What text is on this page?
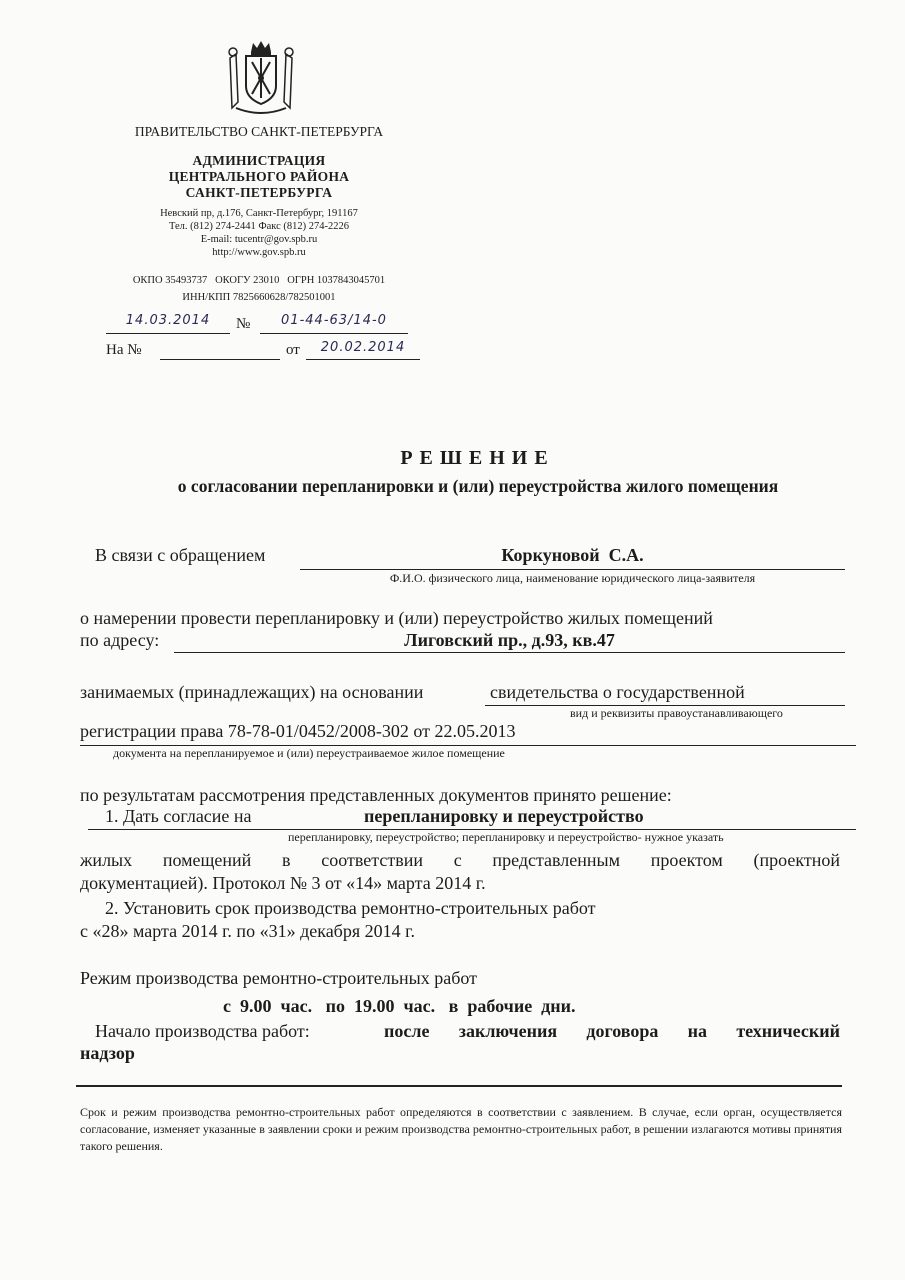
ПРАВИТЕЛЬСТВО САНКТ-ПЕТЕРБУРГА
АДМИНИСТРАЦИЯ
ЦЕНТРАЛЬНОГО РАЙОНА
САНКТ-ПЕТЕРБУРГА
Невский пр, д.176, Санкт-Петербург, 191167
Тел. (812) 274-2441 Факс (812) 274-2226
E-mail: tucentr@gov.spb.ru
http://www.gov.spb.ru
ОКПО 35493737   ОКОГУ 23010   ОГРН 1037843045701
ИНН/КПП 7825660628/782501001
14.03.2014	№	01-44-63/14-0
На №	от	20.02.2014
РЕШЕНИЕ
о согласовании перепланировки и (или) переустройства жилого помещения
В связи с обращением	Коркуновой  С.А.
Ф.И.О. физического лица, наименование юридического лица-заявителя
о намерении провести перепланировку и (или) переустройство жилых помещений
по адресу:	Лиговский пр., д.93, кв.47
занимаемых (принадлежащих) на основании	свидетельства о государственной
вид и реквизиты правоустанавливающего
регистрации права 78-78-01/0452/2008-302 от 22.05.2013
документа на перепланируемое и (или) переустраиваемое жилое помещение
по результатам рассмотрения представленных документов принято решение:
1. Дать согласие на	перепланировку и переустройство
перепланировку, переустройство; перепланировку и переустройство- нужное указать
жилых помещений в соответствии с представленным проектом (проектной
документацией). Протокол № 3 от «14» марта 2014 г.
2. Установить срок производства ремонтно-строительных работ
с «28» марта 2014 г. по «31» декабря 2014 г.
Режим производства ремонтно-строительных работ
с  9.00  час.   по  19.00  час.   в  рабочие  дни.
Начало производства работ:	после заключения договора на технический
надзор
Срок и режим производства ремонтно-строительных работ определяются в соответствии с заявлением. В случае, если орган, осуществляется согласование, изменяет указанные в заявлении сроки и режим производства ремонтно-строительных работ, в решении излагаются мотивы принятия такого решения.
